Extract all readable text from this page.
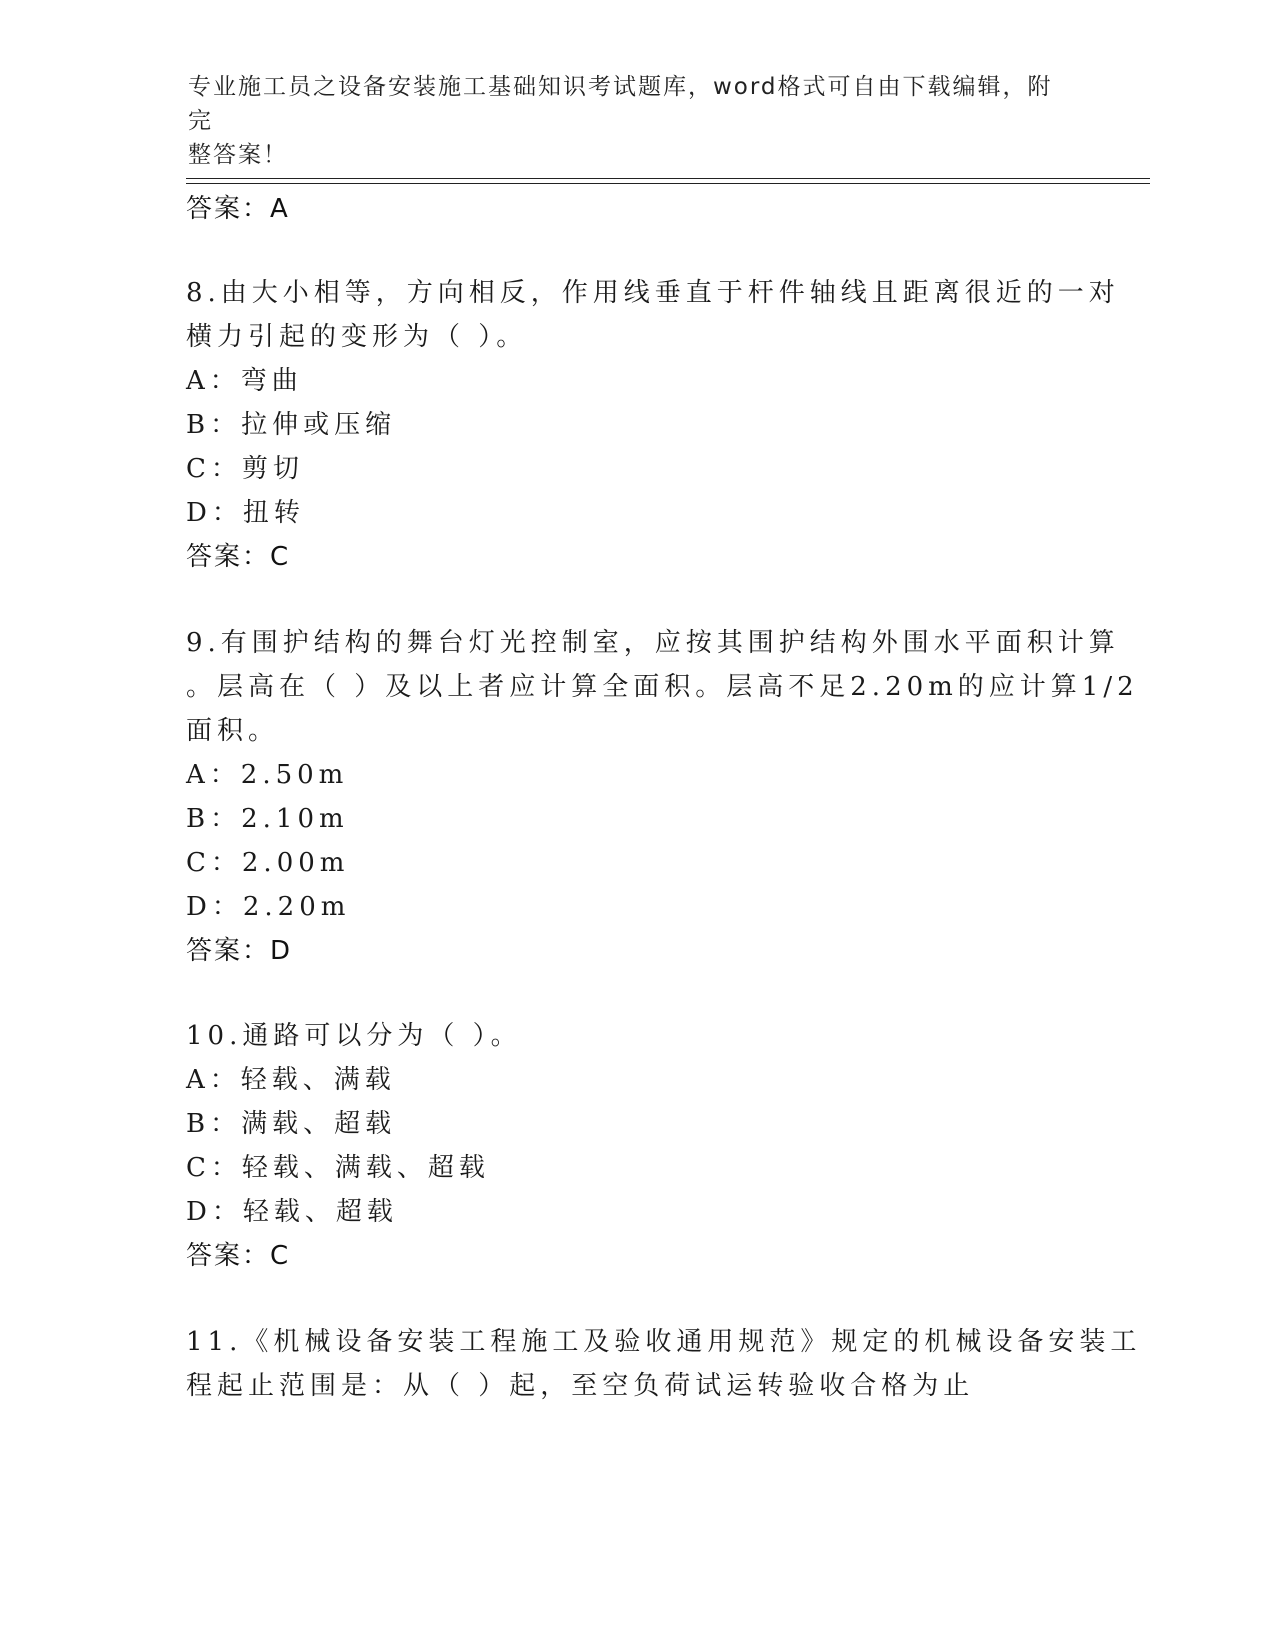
专业施工员之设备安装施工基础知识考试题库，word格式可自由下载编辑，附完
整答案！
答案：A
8.由大小相等，方向相反，作用线垂直于杆件轴线且距离很近的一对
横力引起的变形为（ ）。
A：弯曲
B：拉伸或压缩
C：剪切
D：扭转
答案：C
9.有围护结构的舞台灯光控制室，应按其围护结构外围水平面积计算
。层高在（ ）及以上者应计算全面积。层高不足2.20m的应计算1/2
面积。
A：2.50m
B：2.10m
C：2.00m
D：2.20m
答案：D
10.通路可以分为（ ）。
A：轻载、满载
B：满载、超载
C：轻载、满载、超载
D：轻载、超载
答案：C
11.《机械设备安装工程施工及验收通用规范》规定的机械设备安装工
程起止范围是：从（ ）起，至空负荷试运转验收合格为止
